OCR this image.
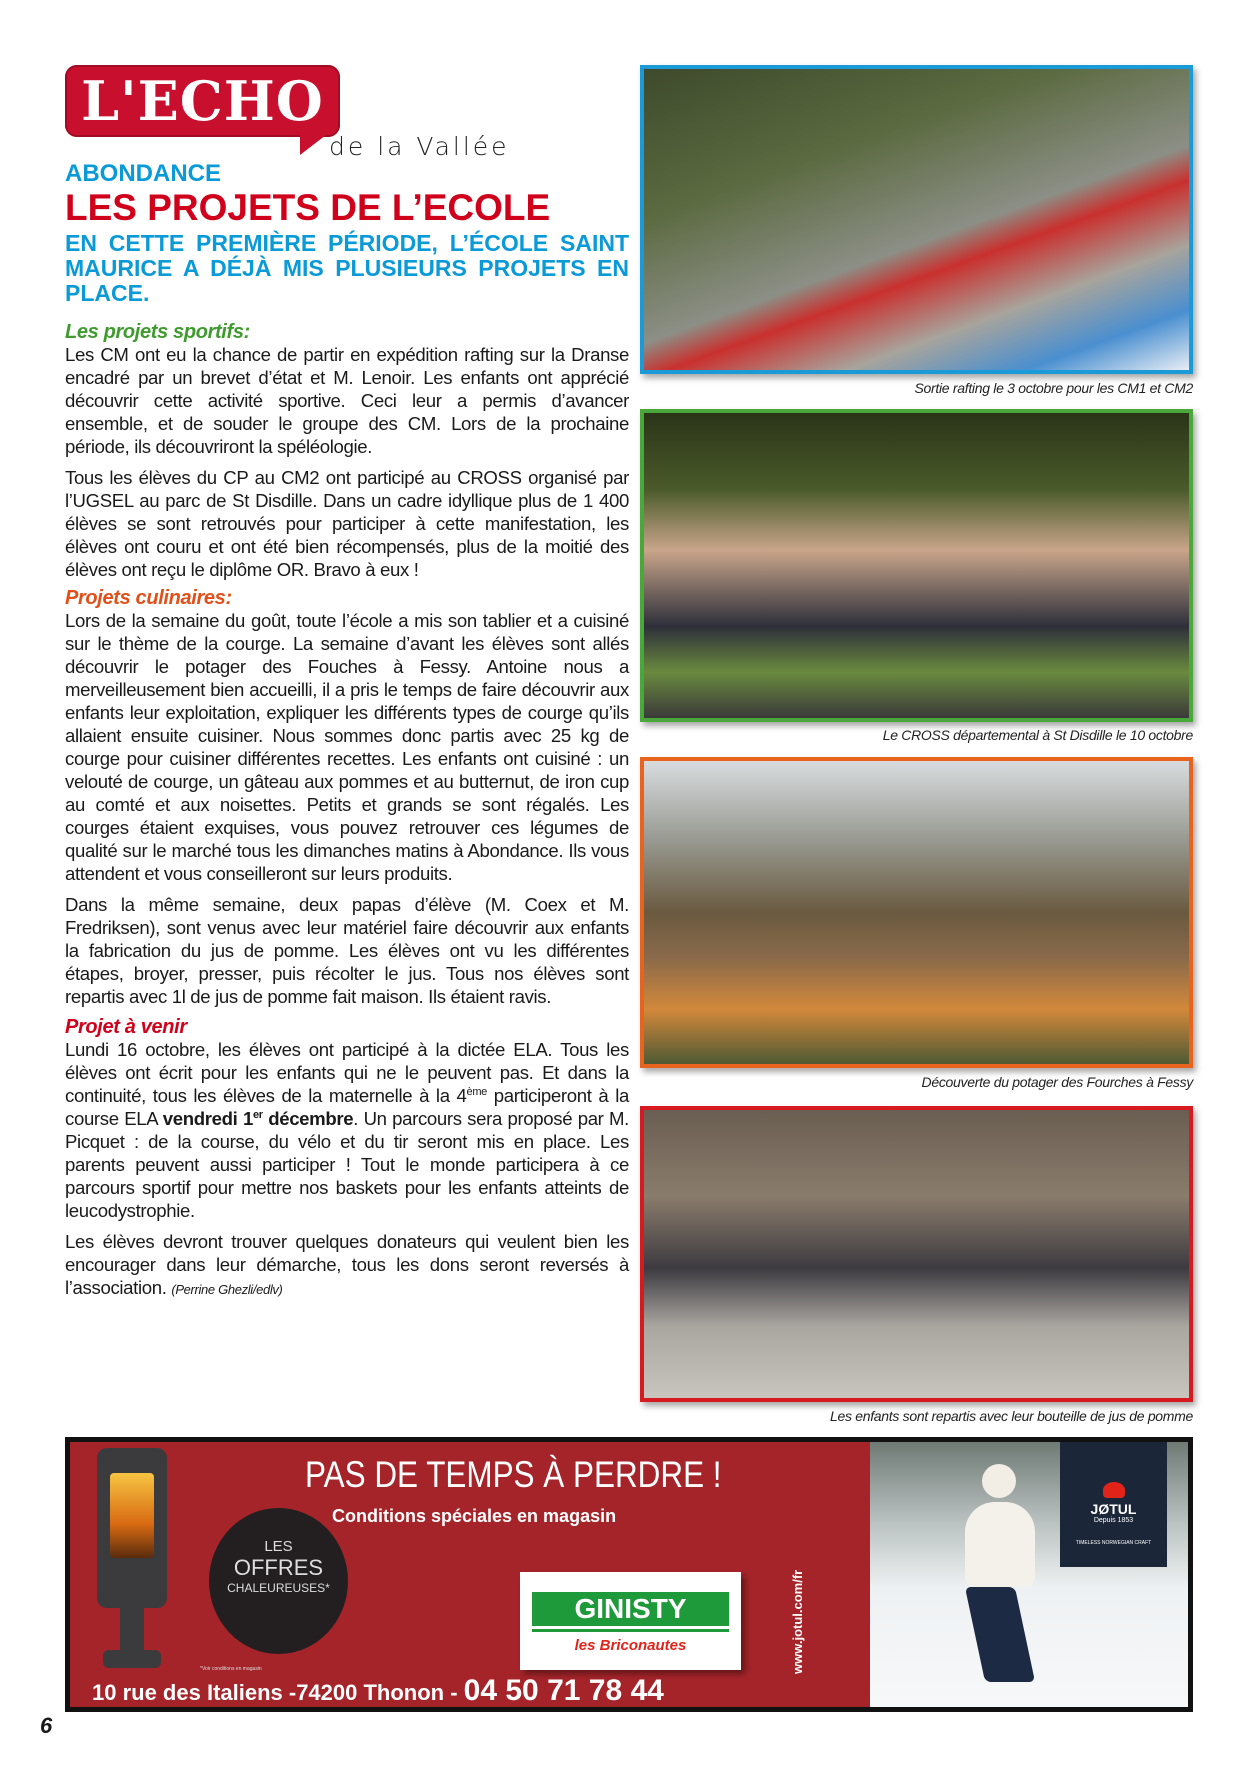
L'ECHO
de la Vallée
ABONDANCE
LES PROJETS DE L’ECOLE
EN CETTE PREMIÈRE PÉRIODE, L’ÉCOLE SAINT MAURICE A DÉJÀ MIS PLUSIEURS PROJETS EN PLACE.
Les projets sportifs:

Les CM ont eu la chance de partir en expédition rafting sur la Dranse encadré par un brevet d’état et M. Lenoir. Les enfants ont apprécié découvrir cette activité sportive. Ceci leur a permis d’avancer ensemble, et de souder le groupe des CM. Lors de la prochaine période, ils découvriront la spéléologie.

Tous les élèves du CP au CM2 ont participé au CROSS organisé par l’UGSEL au parc de St Disdille. Dans un cadre idyllique plus de 1 400 élèves se sont retrouvés pour participer à cette manifestation, les élèves ont couru et ont été bien récompensés, plus de la moitié des élèves ont reçu le diplôme OR. Bravo à eux !

Projets culinaires:

Lors de la semaine du goût, toute l’école a mis son tablier et a cuisiné sur le thème de la courge. La semaine d’avant les élèves sont allés découvrir le potager des Fouches à Fessy. Antoine nous a merveilleusement bien accueilli, il a pris le temps de faire découvrir aux enfants leur exploitation, expliquer les différents types de courge qu’ils allaient ensuite cuisiner. Nous sommes donc partis avec 25 kg de courge pour cuisiner différentes recettes. Les enfants ont cuisiné : un velouté de courge, un gâteau aux pommes et au butternut, de iron cup au comté et aux noisettes. Petits et grands se sont régalés. Les courges étaient exquises, vous pouvez retrouver ces légumes de qualité sur le marché tous les dimanches matins à Abondance. Ils vous attendent et vous conseilleront sur leurs produits.

Dans la même semaine, deux papas d’élève (M. Coex et M. Fredriksen), sont venus avec leur matériel faire découvrir aux enfants la fabrication du jus de pomme. Les élèves ont vu les différentes étapes, broyer, presser, puis récolter le jus. Tous nos élèves sont repartis avec 1l de jus de pomme fait maison. Ils étaient ravis.

Projet à venir

Lundi 16 octobre, les élèves ont participé à la dictée ELA. Tous les élèves ont écrit pour les enfants qui ne le peuvent pas. Et dans la continuité, tous les élèves de la maternelle à la 4ème participeront à la course ELA vendredi 1er décembre. Un parcours sera proposé par M. Picquet : de la course, du vélo et du tir seront mis en place. Les parents peuvent aussi participer ! Tout le monde participera à ce parcours sportif pour mettre nos baskets pour les enfants atteints de leucodystrophie.

Les élèves devront trouver quelques donateurs qui veulent bien les encourager dans leur démarche, tous les dons seront reversés à l’association. (Perrine Ghezli/edlv)

Sortie rafting le 3 octobre pour les CM1 et CM2
Le CROSS départemental à St Disdille le 10 octobre
Découverte du potager des Fourches à Fessy
Les enfants sont repartis avec leur bouteille de jus de pomme
PAS DE TEMPS À PERDRE !
Conditions spéciales en magasin
LES
OFFRES
CHALEUREUSES*
*Voir conditions en magasin
GINISTY
les Briconautes
10 rue des Italiens -74200 Thonon - 04 50 71 78 44
www.jotul.com/fr
JØTUL
Depuis 1853
TIMELESS NORWEGIAN CRAFT
6
